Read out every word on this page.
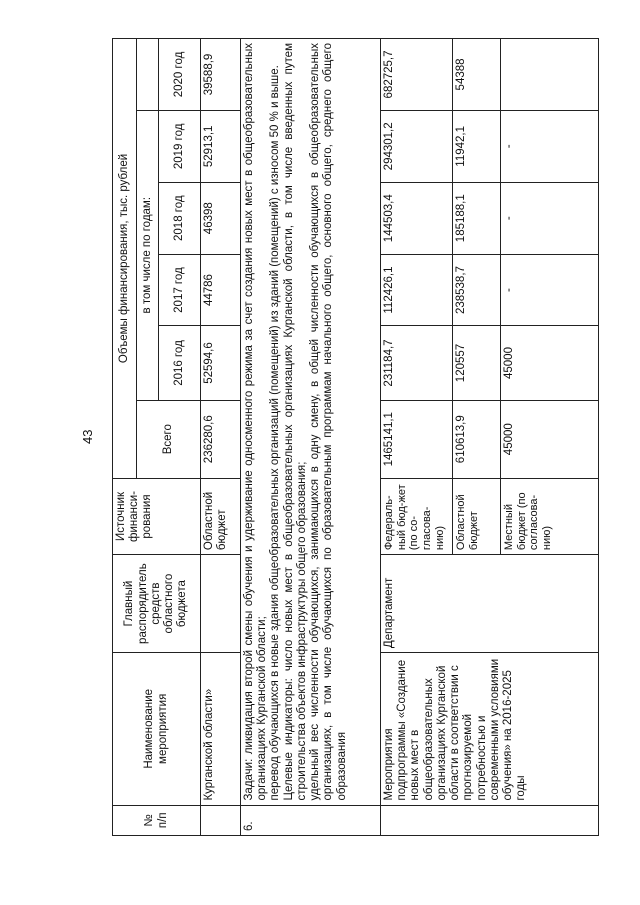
43
№ п/п	Наименование мероприятия	Главный распорядитель средств областного бюджета	Источник финанси-рования	Объемы финансирования, тыс. рублей					
				Всего	в том числе по годам:				
					2016 год	2017 год	2018 год	2019 год	2020 год
	Курганской области»		Областной бюджет	236280,6	52594,6	44786	46398	52913,1	39588,9
6.	Задачи: ликвидация второй смены обучения и удерживание односменного режима за счет создания новых мест в общеобразовательных организациях Курганской области; перевод обучающихся в новые здания общеобразовательных организаций (помещений) из зданий (помещений) с износом 50 % и выше. Целевые индикаторы: число новых мест в общеобразовательных организациях Курганской области, в том числе введенных путем строительства объектов инфраструктуры общего образования; удельный вес численности обучающихся, занимающихся в одну смену, в общей численности обучающихся в общеобразовательных организациях, в том числе обучающихся по образовательным программам начального общего, основного общего, среднего общего образования								

	Мероприятия подпрограммы «Создание новых мест в общеобразовательных организациях Курганской области в соответствии с прогнозируемой потребностью и современными условиями обучения» на 2016-2025 годы	Департамент	Федераль-ный бюд-жет (по со-гласова-нию)	1465141,1	231184,7	112426,1	144503,4	294301,2	682725,7
			Областной бюджет	610613,9	120557	238538,7	185188,1	11942,1	54388
			Местный бюджет (по согласова-нию)	45000	45000	-	-	-	
